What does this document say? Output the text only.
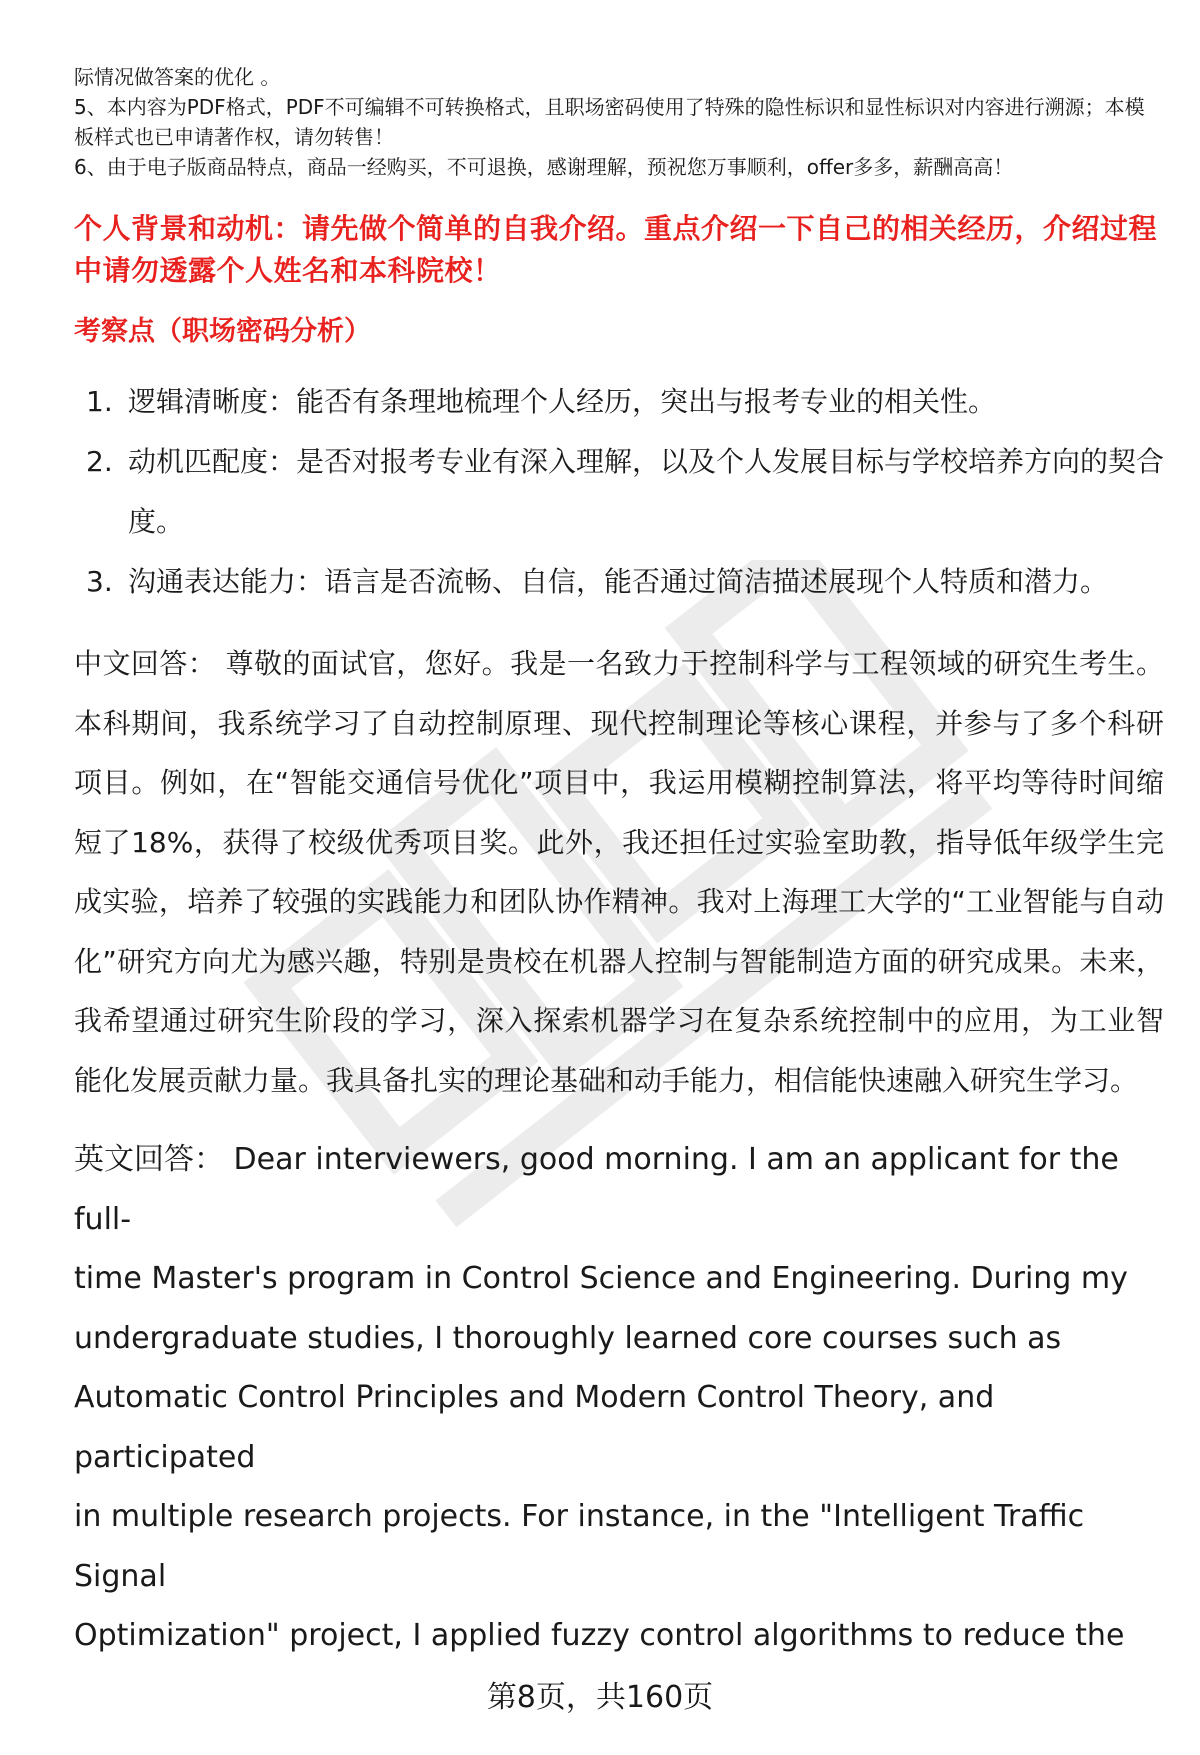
际情况做答案的优化 。

5、本内容为PDF格式，PDF不可编辑不可转换格式，且职场密码使用了特殊的隐性标识和显性标识对内容进行溯源；本模板样式也已申请著作权，请勿转售！

6、由于电子版商品特点，商品一经购买，不可退换，感谢理解，预祝您万事顺利，offer多多，薪酬高高！

个人背景和动机：请先做个简单的自我介绍。重点介绍一下自己的相关经历，介绍过程中请勿透露个人姓名和本科院校！
考察点（职场密码分析）
1. 逻辑清晰度：能否有条理地梳理个人经历，突出与报考专业的相关性。
2. 动机匹配度：是否对报考专业有深入理解，以及个人发展目标与学校培养方向的契合度。
3. 沟通表达能力：语言是否流畅、自信，能否通过简洁描述展现个人特质和潜力。
中文回答： 尊敬的面试官，您好。我是一名致力于控制科学与工程领域的研究生考生。本科期间，我系统学习了自动控制原理、现代控制理论等核心课程，并参与了多个科研项目。例如，在“智能交通信号优化”项目中，我运用模糊控制算法，将平均等待时间缩短了18%，获得了校级优秀项目奖。此外，我还担任过实验室助教，指导低年级学生完成实验，培养了较强的实践能力和团队协作精神。我对上海理工大学的“工业智能与自动化”研究方向尤为感兴趣，特别是贵校在机器人控制与智能制造方面的研究成果。未来，我希望通过研究生阶段的学习，深入探索机器学习在复杂系统控制中的应用，为工业智能化发展贡献力量。我具备扎实的理论基础和动手能力，相信能快速融入研究生学习。
英文回答： Dear interviewers, good morning. I am an applicant for the full-
time Master's program in Control Science and Engineering. During my
undergraduate studies, I thoroughly learned core courses such as
Automatic Control Principles and Modern Control Theory, and participated
in multiple research projects. For instance, in the "Intelligent Traffic Signal
Optimization" project, I applied fuzzy control algorithms to reduce the
第8页，共160页
